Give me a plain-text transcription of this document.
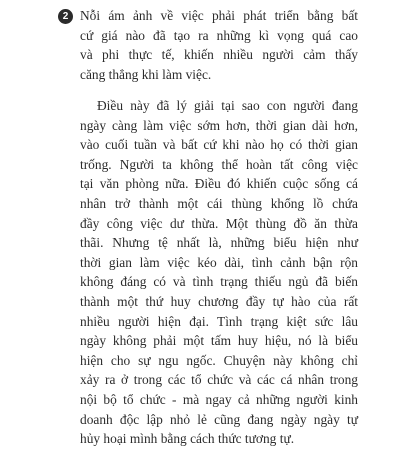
2 Nỗi ám ảnh về việc phải phát triển bằng bất
cứ giá nào đã tạo ra những kì vọng quá cao
và phi thực tế, khiến nhiều người cảm thấy
căng thẳng khi làm việc.

Điều này đã lý giải tại sao con người đang
ngày càng làm việc sớm hơn, thời gian dài hơn,
vào cuối tuần và bất cứ khi nào họ có thời gian
trống. Người ta không thể hoàn tất công việc
tại văn phòng nữa. Điều đó khiến cuộc sống cá
nhân trở thành một cái thùng khổng lồ chứa
đầy công việc dư thừa. Một thùng đồ ăn thừa
thãi. Nhưng tệ nhất là, những biểu hiện như
thời gian làm việc kéo dài, tình cảnh bận rộn
không đáng có và tình trạng thiếu ngủ đã biến
thành một thứ huy chương đầy tự hào của rất
nhiều người hiện đại. Tình trạng kiệt sức lâu
ngày không phải một tấm huy hiệu, nó là biểu
hiện cho sự ngu ngốc. Chuyện này không chỉ
xảy ra ở trong các tổ chức và các cá nhân trong
nội bộ tổ chức - mà ngay cả những người kinh
doanh độc lập nhỏ lẻ cũng đang ngày ngày tự
hủy hoại mình bằng cách thức tương tự.
